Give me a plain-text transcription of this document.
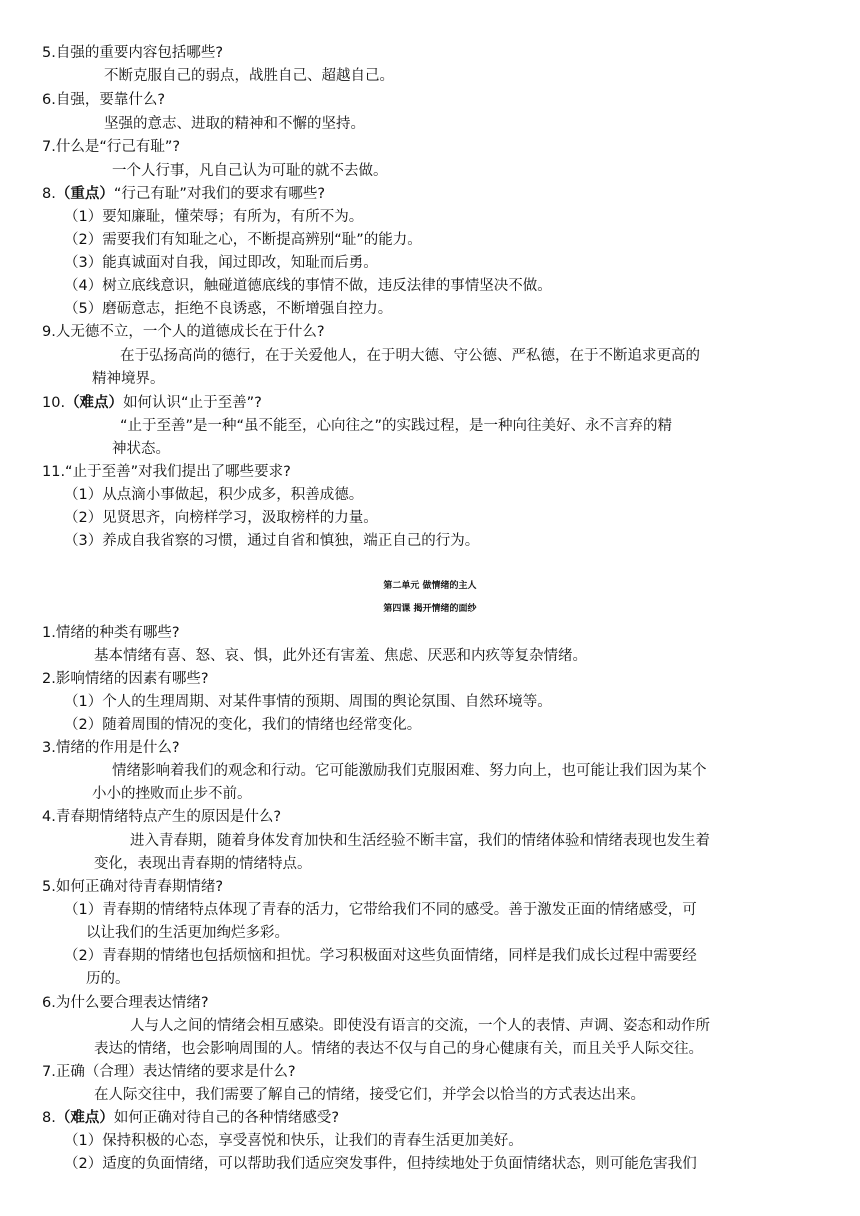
5.自强的重要内容包括哪些?
不断克服自己的弱点，战胜自己、超越自己。
6.自强，要靠什么?
坚强的意志、进取的精神和不懈的坚持。
7.什么是“行己有耻”?
一个人行事，凡自己认为可耻的就不去做。
8.（重点）“行己有耻”对我们的要求有哪些?
（1）要知廉耻，懂荣辱；有所为，有所不为。
（2）需要我们有知耻之心，不断提高辨别“耻”的能力。
（3）能真诚面对自我，闻过即改，知耻而后勇。
（4）树立底线意识，触碰道德底线的事情不做，违反法律的事情坚决不做。
（5）磨砺意志，拒绝不良诱惑，不断增强自控力。
9.人无德不立，一个人的道德成长在于什么?
在于弘扬高尚的德行，在于关爱他人，在于明大德、守公德、严私德，在于不断追求更高的
精神境界。
10.（难点）如何认识“止于至善”?
“止于至善”是一种“虽不能至，心向往之”的实践过程，是一种向往美好、永不言弃的精
神状态。
11.“止于至善”对我们提出了哪些要求?
（1）从点滴小事做起，积少成多，积善成德。
（2）见贤思齐，向榜样学习，汲取榜样的力量。
（3）养成自我省察的习惯，通过自省和慎独，端正自己的行为。
第二单元 做情绪的主人
第四课 揭开情绪的面纱
1.情绪的种类有哪些?
基本情绪有喜、怒、哀、惧，此外还有害羞、焦虑、厌恶和内疚等复杂情绪。
2.影响情绪的因素有哪些?
（1）个人的生理周期、对某件事情的预期、周围的舆论氛围、自然环境等。
（2）随着周围的情况的变化，我们的情绪也经常变化。
3.情绪的作用是什么?
情绪影响着我们的观念和行动。它可能激励我们克服困难、努力向上，也可能让我们因为某个
小小的挫败而止步不前。
4.青春期情绪特点产生的原因是什么?
进入青春期，随着身体发育加快和生活经验不断丰富，我们的情绪体验和情绪表现也发生着
变化，表现出青春期的情绪特点。
5.如何正确对待青春期情绪?
（1）青春期的情绪特点体现了青春的活力，它带给我们不同的感受。善于激发正面的情绪感受，可
以让我们的生活更加绚烂多彩。
（2）青春期的情绪也包括烦恼和担忧。学习积极面对这些负面情绪，同样是我们成长过程中需要经
历的。
6.为什么要合理表达情绪?
人与人之间的情绪会相互感染。即使没有语言的交流，一个人的表情、声调、姿态和动作所
表达的情绪，也会影响周围的人。情绪的表达不仅与自己的身心健康有关，而且关乎人际交往。
7.正确（合理）表达情绪的要求是什么?
在人际交往中，我们需要了解自己的情绪，接受它们，并学会以恰当的方式表达出来。
8.（难点）如何正确对待自己的各种情绪感受?
（1）保持积极的心态，享受喜悦和快乐，让我们的青春生活更加美好。
（2）适度的负面情绪，可以帮助我们适应突发事件，但持续地处于负面情绪状态，则可能危害我们
